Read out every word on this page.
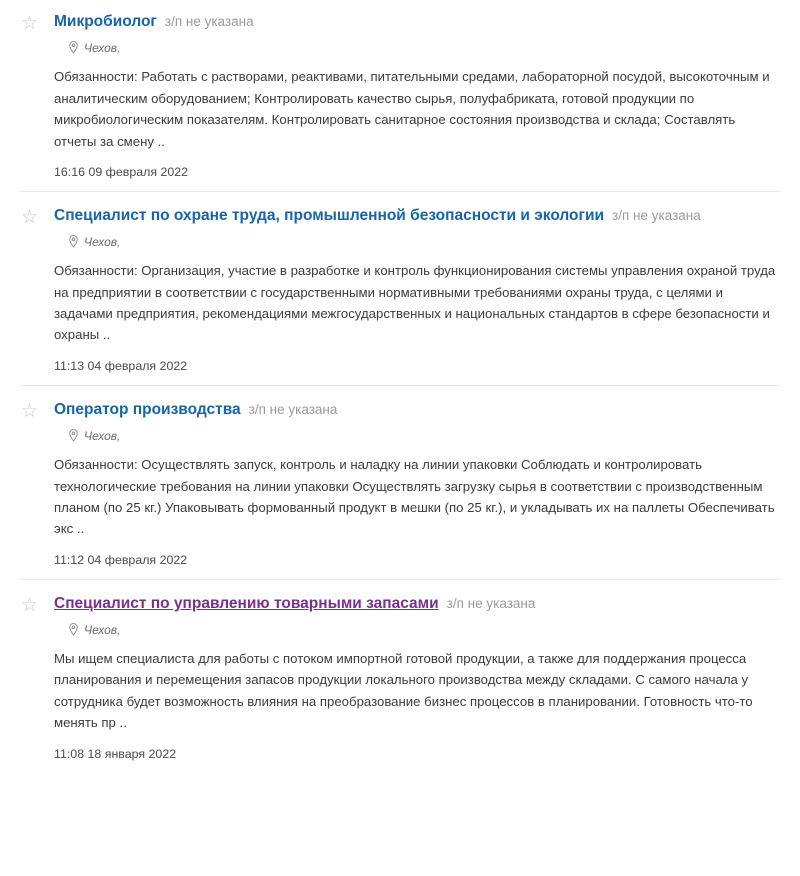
☆ Микробиолог з/п не указана
Чехов,

Обязанности: Работать с растворами, реактивами, питательными средами, лабораторной посудой, высокоточным и аналитическим оборудованием; Контролировать качество сырья, полуфабриката, готовой продукции по микробиологическим показателям. Контролировать санитарное состояния производства и склада; Составлять отчеты за смену ..

16:16 09 февраля 2022

☆ Специалист по охране труда, промышленной безопасности и экологии з/п не указана
Чехов,

Обязанности: Организация, участие в разработке и контроль функционирования системы управления охраной труда на предприятии в соответствии с государственными нормативными требованиями охраны труда, с целями и задачами предприятия, рекомендациями межгосударственных и национальных стандартов в сфере безопасности и охраны ..

11:13 04 февраля 2022

☆ Оператор производства з/п не указана
Чехов,

Обязанности: Осуществлять запуск, контроль и наладку на линии упаковки Соблюдать и контролировать технологические требования на линии упаковки Осуществлять загрузку сырья в соответствии с производственным планом (по 25 кг.) Упаковывать формованный продукт в мешки (по 25 кг.), и укладывать их на паллеты Обеспечивать экс ..

11:12 04 февраля 2022

☆ Специалист по управлению товарными запасами з/п не указана
Чехов,

Мы ищем специалиста для работы с потоком импортной готовой продукции, а также для поддержания процесса планирования и перемещения запасов продукции локального производства между складами. С самого начала у сотрудника будет возможность влияния на преобразование бизнес процессов в планировании. Готовность что-то менять пр ..

11:08 18 января 2022
